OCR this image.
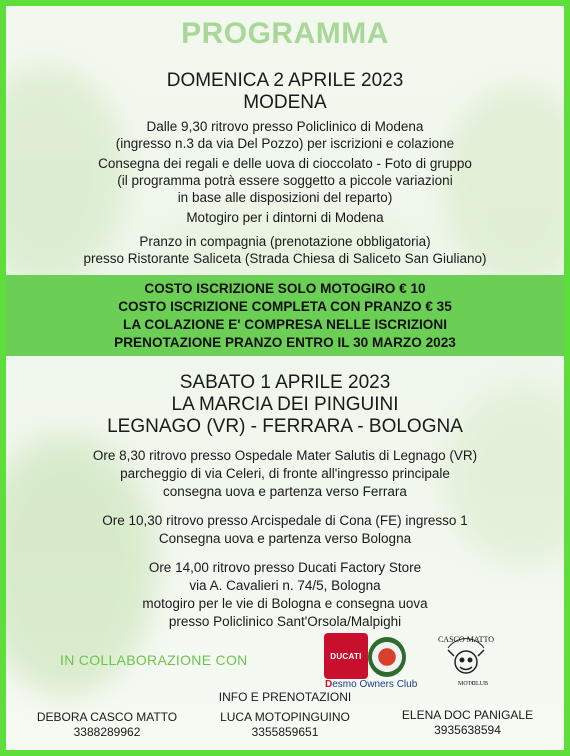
PROGRAMMA
DOMENICA 2 APRILE 2023
MODENA
Dalle 9,30 ritrovo presso Policlinico di Modena
(ingresso n.3 da via Del Pozzo) per iscrizioni e colazione
Consegna dei regali e delle uova di cioccolato - Foto di gruppo
(il programma potrà essere soggetto a piccole variazioni
in base alle disposizioni del reparto)
Motogiro per i dintorni di Modena
Pranzo in compagnia (prenotazione obbligatoria)
presso Ristorante Saliceta (Strada Chiesa di Saliceto San Giuliano)
COSTO ISCRIZIONE SOLO MOTOGIRO € 10
COSTO ISCRIZIONE COMPLETA CON PRANZO € 35
LA COLAZIONE E' COMPRESA NELLE ISCRIZIONI
PRENOTAZIONE PRANZO ENTRO IL 30 MARZO 2023
SABATO 1 APRILE 2023
LA MARCIA DEI PINGUINI
LEGNAGO (VR) - FERRARA - BOLOGNA
Ore 8,30 ritrovo presso Ospedale Mater Salutis di Legnago (VR)
parcheggio di via Celeri, di fronte all'ingresso principale
consegna uova e partenza verso Ferrara
Ore 10,30 ritrovo presso Arcispedale di Cona (FE) ingresso 1
Consegna uova e partenza verso Bologna
Ore 14,00 ritrovo presso Ducati Factory Store
via A. Cavalieri n. 74/5, Bologna
motogiro per le vie di Bologna e consegna uova
presso Policlinico Sant'Orsola/Malpighi
IN COLLABORAZIONE CON	DUCATI
Desmo Owners Club
CASCO MATTO
MOTO
CLUB
INFO E PRENOTAZIONI
DEBORA CASCO MATTO
3388289962
LUCA MOTOPINGUINO
3355859651
ELENA DOC PANIGALE
3935638594
